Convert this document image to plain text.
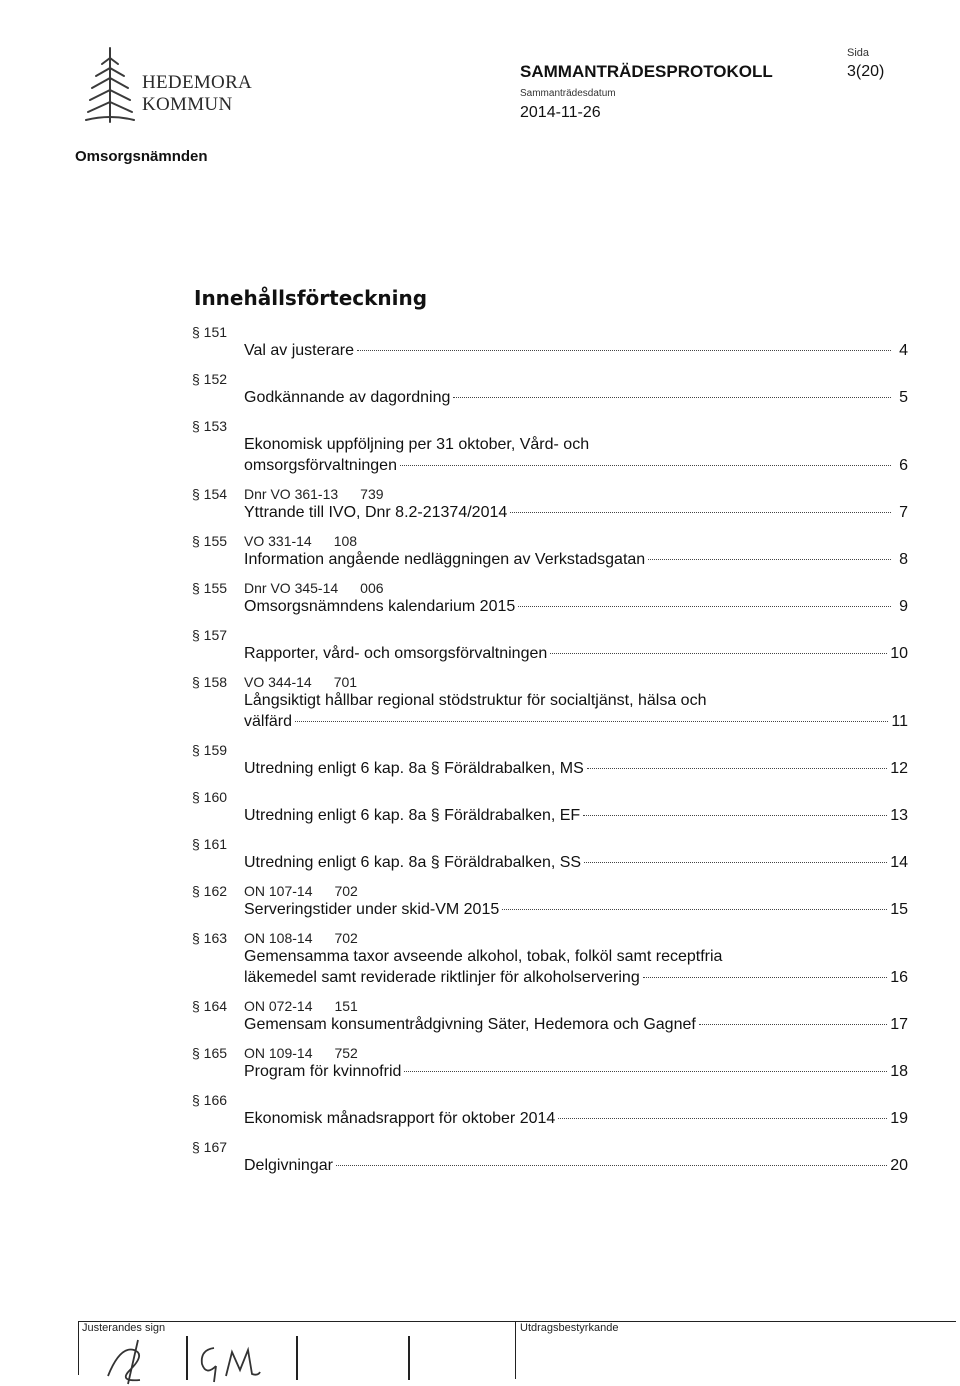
HEDEMORA
KOMMUN
SAMMANTRÄDESPROTOKOLL
Sammanträdesdatum
2014-11-26
Sida
3(20)
Omsorgsnämnden
Innehållsförteckning
§ 151
Val av justerare	4
§ 152
Godkännande av dagordning	5
§ 153
Ekonomisk uppföljning per 31 oktober, Vård- och
omsorgsförvaltningen	6
§ 154	Dnr VO 361-13 739
Yttrande till IVO, Dnr 8.2-21374/2014	7
§ 155	VO 331-14 108
Information angående nedläggningen av Verkstadsgatan	8
§ 155	Dnr VO 345-14 006
Omsorgsnämndens kalendarium 2015	9
§ 157
Rapporter, vård- och omsorgsförvaltningen	10
§ 158	VO 344-14 701
Långsiktigt hållbar regional stödstruktur för socialtjänst, hälsa och
välfärd	11
§ 159
Utredning enligt 6 kap. 8a § Föräldrabalken, MS	12
§ 160
Utredning enligt 6 kap. 8a § Föräldrabalken, EF	13
§ 161
Utredning enligt 6 kap. 8a § Föräldrabalken, SS	14
§ 162	ON 107-14 702
Serveringstider under skid-VM 2015	15
§ 163	ON 108-14 702
Gemensamma taxor avseende alkohol, tobak, folköl samt receptfria
läkemedel samt reviderade riktlinjer för alkoholservering	16
§ 164	ON 072-14 151
Gemensam konsumentrådgivning Säter, Hedemora och Gagnef	17
§ 165	ON 109-14 752
Program för kvinnofrid	18
§ 166
Ekonomisk månadsrapport för oktober 2014	19
§ 167
Delgivningar	20
Justerandes sign	Utdragsbestyrkande
